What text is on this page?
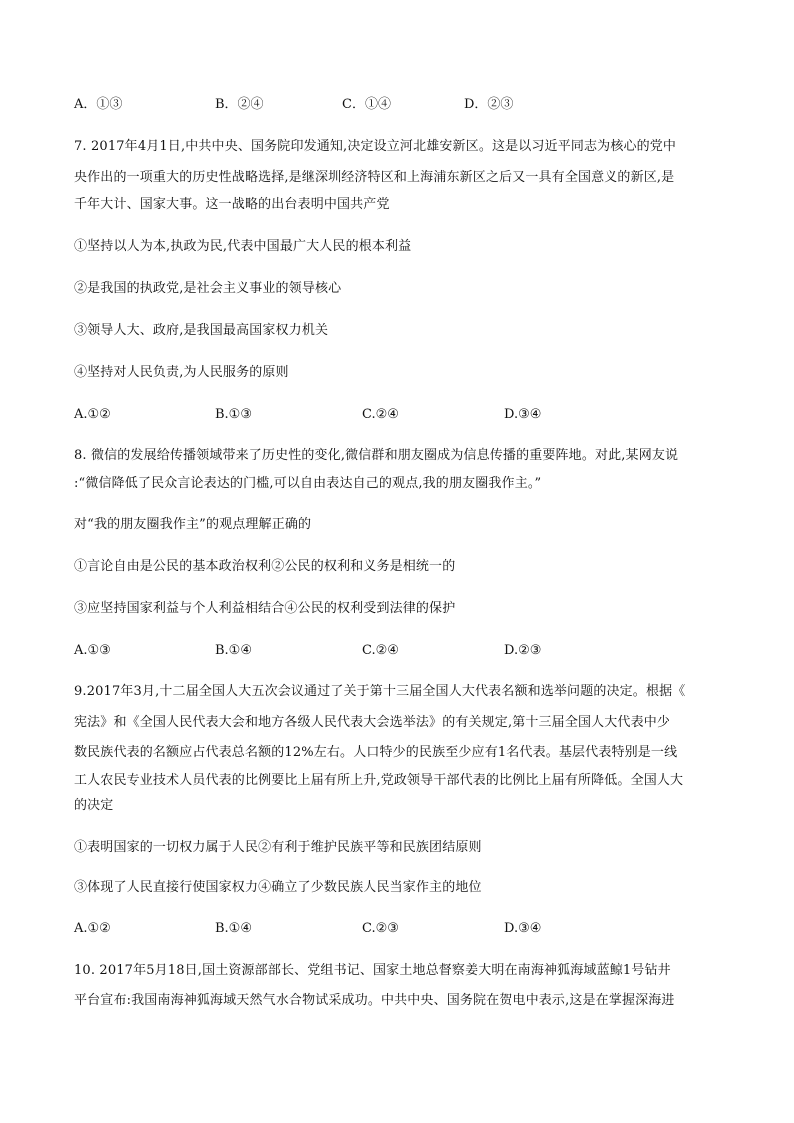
A．①③	B．②④	C．①④	D．②③
7. 2017年4月1日,中共中央、国务院印发通知,决定设立河北雄安新区。这是以习近平同志为核心的党中
央作出的一项重大的历史性战略选择,是继深圳经济特区和上海浦东新区之后又一具有全国意义的新区,是
千年大计、国家大事。这一战略的出台表明中国共产党
①坚持以人为本,执政为民,代表中国最广大人民的根本利益
②是我国的执政党,是社会主义事业的领导核心
③领导人大、政府,是我国最高国家权力机关
④坚持对人民负责,为人民服务的原则
A.①②	B.①③	C.②④	D.③④
8. 微信的发展给传播领域带来了历史性的变化,微信群和朋友圈成为信息传播的重要阵地。对此,某网友说
:“微信降低了民众言论表达的门槛,可以自由表达自己的观点,我的朋友圈我作主。”
对“我的朋友圈我作主”的观点理解正确的
①言论自由是公民的基本政治权利②公民的权利和义务是相统一的
③应坚持国家利益与个人利益相结合④公民的权利受到法律的保护
A.①③	B.①④	C.②④	D.②③
9.2017年3月,十二届全国人大五次会议通过了关于第十三届全国人大代表名额和选举问题的决定。根据《
宪法》和《全国人民代表大会和地方各级人民代表大会选举法》的有关规定,第十三届全国人大代表中少
数民族代表的名额应占代表总名额的12%左右。人口特少的民族至少应有1名代表。基层代表特别是一线
工人农民专业技术人员代表的比例要比上届有所上升,党政领导干部代表的比例比上届有所降低。全国人大
的决定
①表明国家的一切权力属于人民②有利于维护民族平等和民族团结原则
③体现了人民直接行使国家权力④确立了少数民族人民当家作主的地位
A.①②	B.①④	C.②③	D.③④
10. 2017年5月18日,国土资源部部长、党组书记、国家土地总督察姜大明在南海神狐海域蓝鲸1号钻井
平台宣布:我国南海神狐海域天然气水合物试采成功。中共中央、国务院在贺电中表示,这是在掌握深海进
